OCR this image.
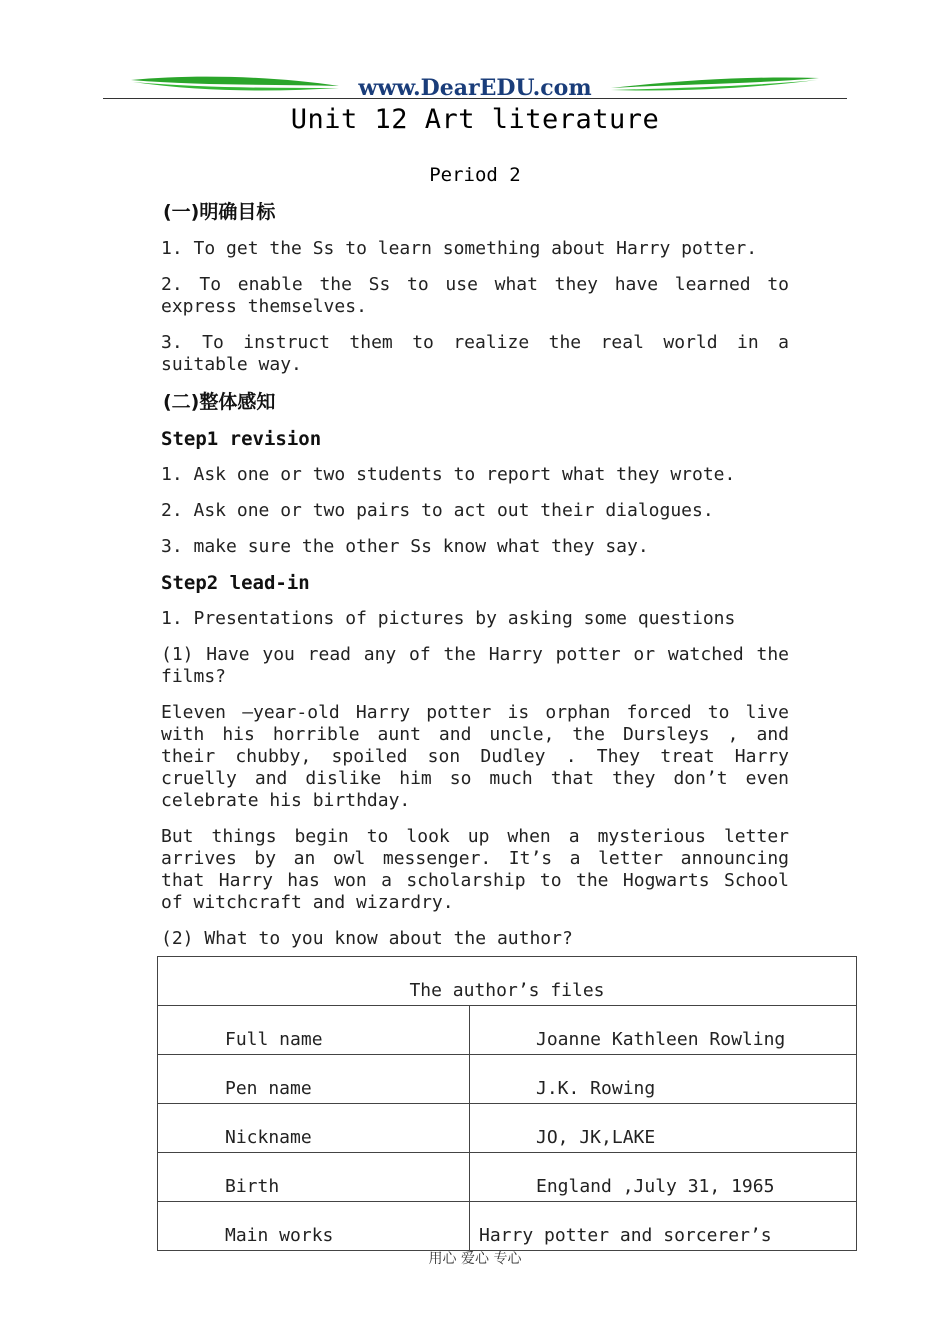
www.DearEDU.com
Unit 12 Art literature
Period 2
(一)明确目标
1. To get the Ss to learn something about Harry potter.
2. To enable the Ss to use what they have learned to express themselves.
3. To instruct them to realize the real world in a suitable way.
(二)整体感知
Step1 revision
1. Ask one or two students to report what they wrote.
2. Ask one or two pairs to act out their dialogues.
3. make sure the other Ss know what they say.
Step2 lead-in
1. Presentations of pictures by asking some questions
(1) Have you read any of the Harry potter or watched the films?
Eleven –year-old Harry potter is orphan forced to live with his horrible aunt and uncle, the Dursleys , and their chubby, spoiled son Dudley . They treat Harry cruelly and dislike him so much that they don’t even celebrate his birthday.
But things begin to look up when a mysterious letter arrives by an owl messenger. It’s a letter announcing that Harry has won a scholarship to the Hogwarts School of witchcraft and wizardry.
(2) What to you know about the author?
The author’s files	
Full name	Joanne Kathleen Rowling
Pen name	J.K. Rowing
Nickname	JO, JK,LAKE
Birth	England ,July 31, 1965
Main works	Harry potter and sorcerer’s
用心 爱心 专心
